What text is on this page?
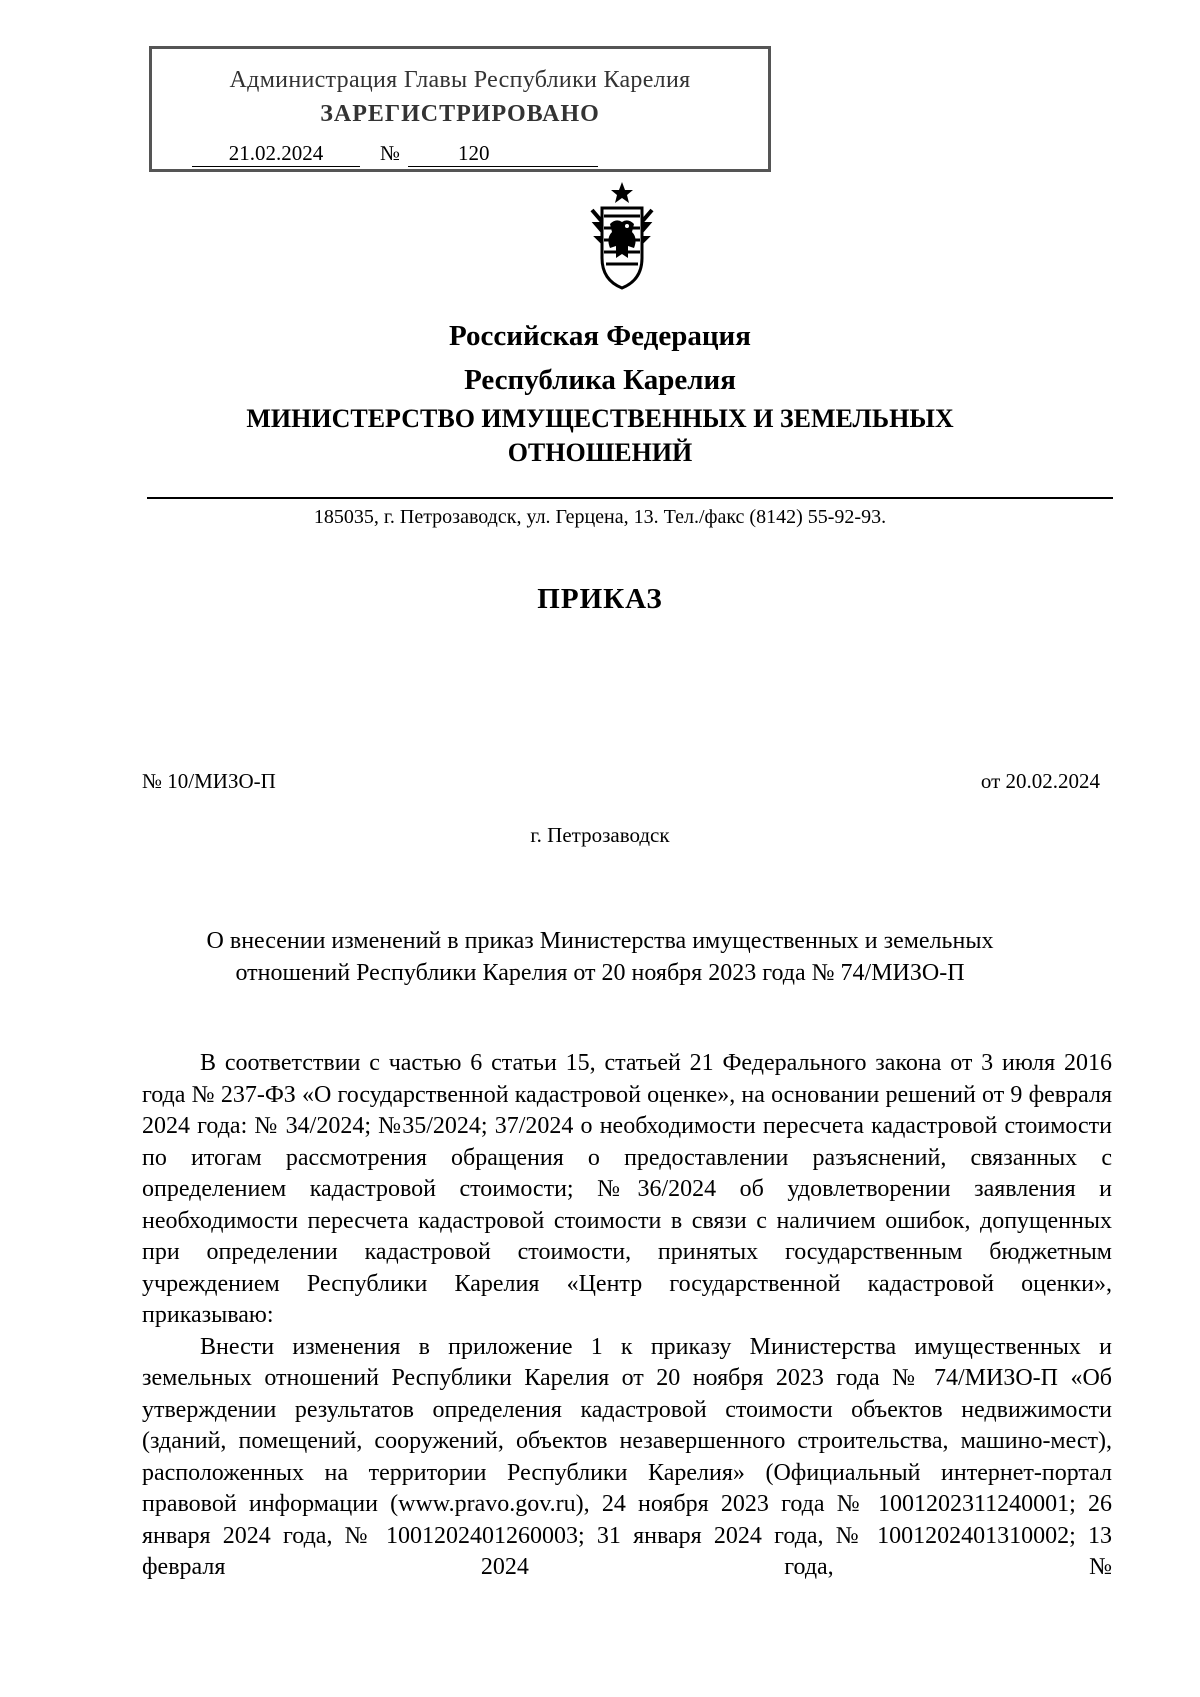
Администрация Главы Республики Карелия
ЗАРЕГИСТРИРОВАНО
21.02.2024	№	120
Российская Федерация
Республика Карелия
МИНИСТЕРСТВО ИМУЩЕСТВЕННЫХ И ЗЕМЕЛЬНЫХ
ОТНОШЕНИЙ
185035, г. Петрозаводск, ул. Герцена, 13. Тел./факс (8142) 55-92-93.
ПРИКАЗ
№ 10/МИЗО-П	от 20.02.2024
г. Петрозаводск
О внесении изменений в приказ Министерства имущественных и земельных
отношений Республики Карелия от 20 ноября 2023 года № 74/МИЗО-П

В соответствии с частью 6 статьи 15, статьей 21 Федерального закона от 3 июля 2016 года № 237-ФЗ «О государственной кадастровой оценке», на основании решений от 9 февраля 2024 года: № 34/2024; №35/2024; 37/2024 о необходимости пересчета кадастровой стоимости по итогам рассмотрения обращения о предоставлении разъяснений, связанных с определением кадастровой стоимости; №36/2024 об удовлетворении заявления и необходимости пересчета кадастровой стоимости в связи с наличием ошибок, допущенных при определении кадастровой стоимости, принятых государственным бюджетным учреждением Республики Карелия «Центр государственной кадастровой оценки», приказываю:

Внести изменения в приложение 1 к приказу Министерства имущественных и земельных отношений Республики Карелия от 20 ноября 2023 года № 74/МИЗО-П «Об утверждении результатов определения кадастровой стоимости объектов недвижимости (зданий, помещений, сооружений, объектов незавершенного строительства, машино-мест), расположенных на территории Республики Карелия» (Официальный интернет-портал правовой информации (www.pravo.gov.ru), 24 ноября 2023 года № 1001202311240001; 26 января 2024 года, № 1001202401260003; 31 января 2024 года, № 1001202401310002; 13 февраля 2024 года, №
